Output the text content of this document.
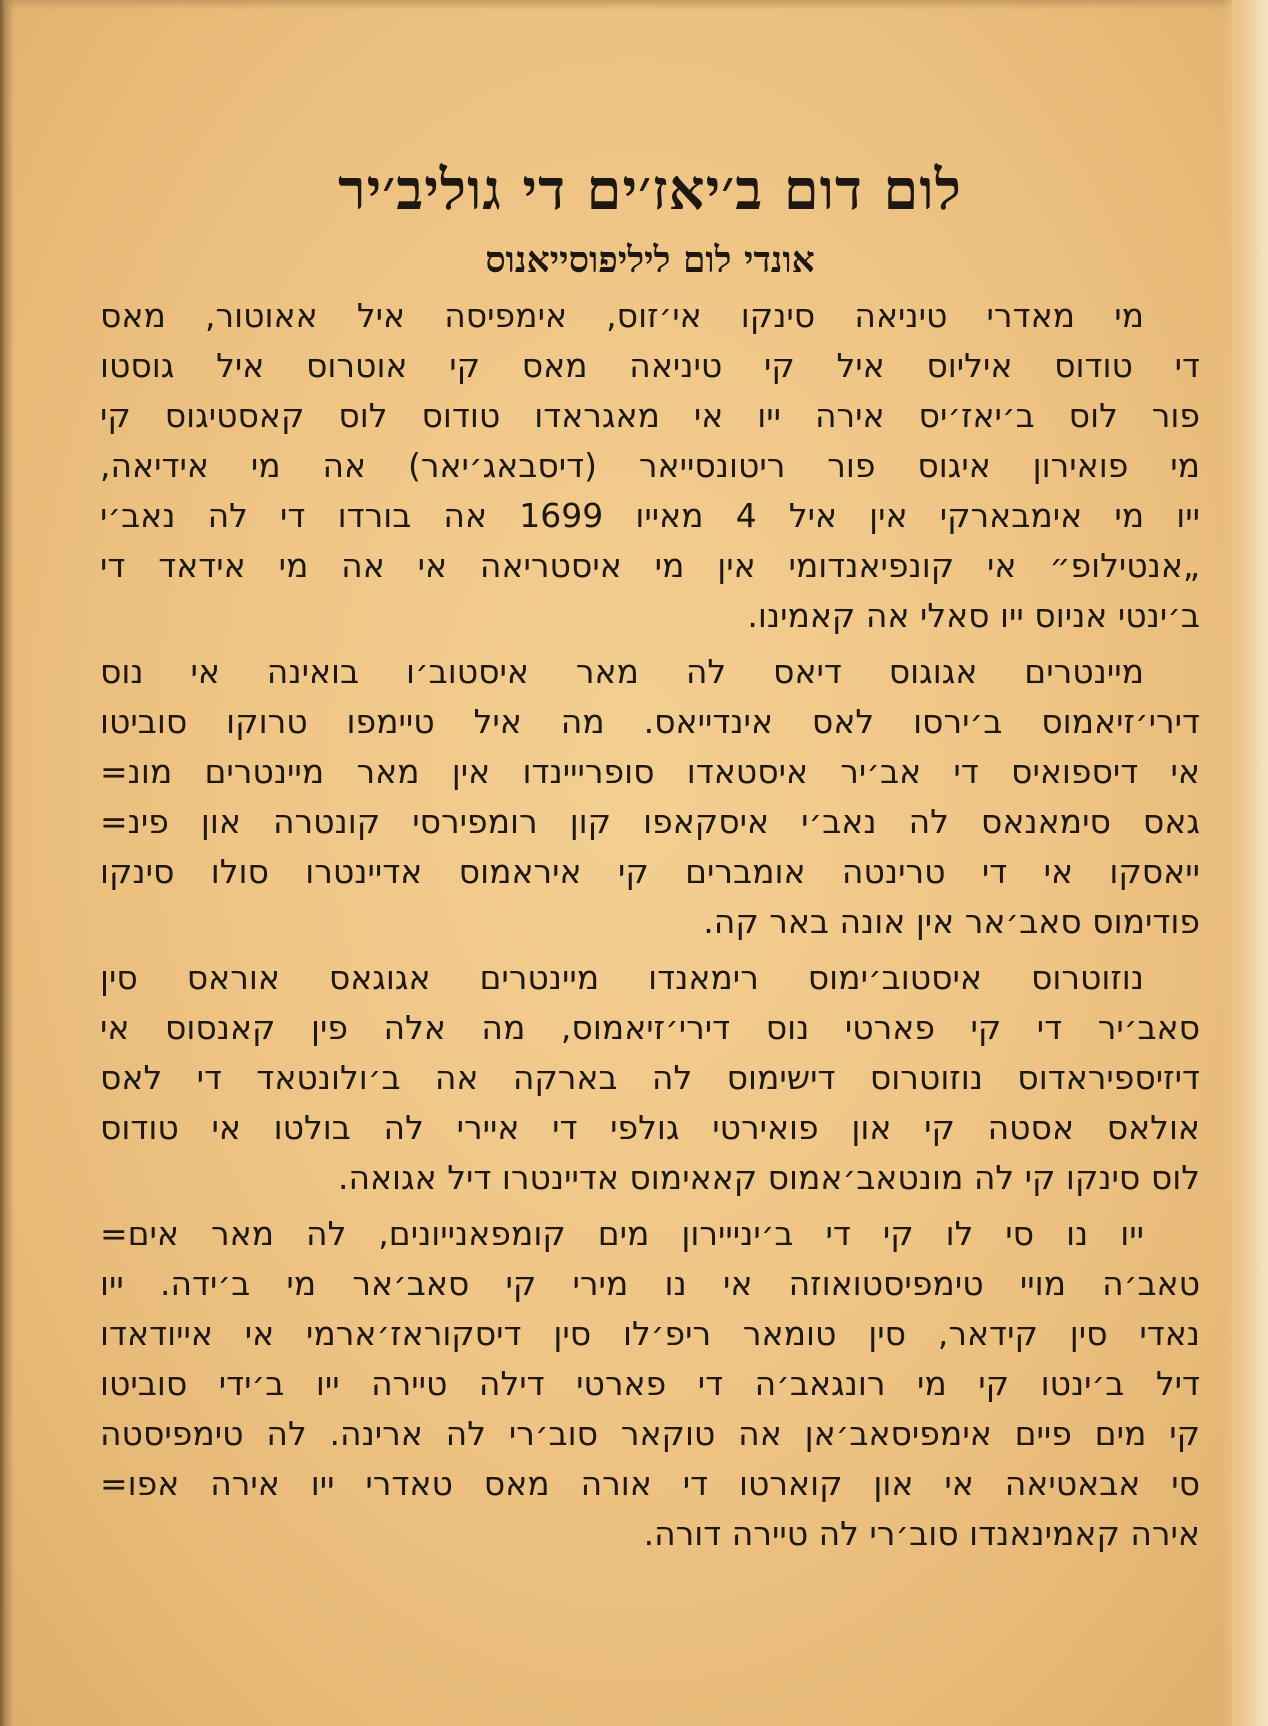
לום דום ב׳יאז׳ים די גוליב׳יר
אונדי לום ליליפוסייאנוס
מי מאדרי טיניאה סינקו אי׳זוס, אימפיסה איל אאוטור, מאס
די טודוס איליוס איל קי טיניאה מאס קי אוטרוס איל גוסטו
פור לוס ב׳יאז׳יס אירה ייו אי מאגראדו טודוס לוס קאסטיגוס קי
מי פואירון איגוס פור ריטונסייאר (דיסבאג׳יאר) אה מי אידיאה,
ייו מי אימבארקי אין איל 4 מאייו 1699 אה בורדו די לה נאב׳י
„אנטילופ״ אי קונפיאנדומי אין מי איסטריאה אי אה מי אידאד די
ב׳ינטי אניוס ייו סאלי אה קאמינו.
מיינטרים אגוגוס דיאס לה מאר איסטוב׳ו בואינה אי נוס
דירי׳זיאמוס ב׳ירסו לאס אינדייאס. מה איל טיימפו טרוקו סוביטו
אי דיספואיס די אב׳יר איסטאדו סופרייינדו אין מאר מיינטרים מונ=
גאס סימאנאס לה נאב׳י איסקאפו קון רומפירסי קונטרה און פינ=
ייאסקו אי די טרינטה אומברים קי איראמוס אדיינטרו סולו סינקו
פודימוס סאב׳אר אין אונה באר קה.
נוזוטרוס איסטוב׳ימוס רימאנדו מיינטרים אגוגאס אוראס סין
סאב׳יר די קי פארטי נוס דירי׳זיאמוס, מה אלה פין קאנסוס אי
דיזיספיראדוס נוזוטרוס דישימוס לה בארקה אה ב׳ולונטאד די לאס
אולאס אסטה קי און פואירטי גולפי די איירי לה בולטו אי טודוס
לוס סינקו קי לה מונטאב׳אמוס קאאימוס אדיינטרו דיל אגואה.
ייו נו סי לו קי די ב׳ינייירון מים קומפאנייונים, לה מאר אים=
טאב׳ה מויי טימפיסטואוזה אי נו מירי קי סאב׳אר מי ב׳ידה. ייו
נאדי סין קידאר, סין טומאר ריפ׳לו סין דיסקוראז׳ארמי אי אייודאדו
דיל ב׳ינטו קי מי רונגאב׳ה די פארטי דילה טיירה ייו ב׳ידי סוביטו
קי מים פיים אימפיסאב׳אן אה טוקאר סוב׳רי לה ארינה. לה טימפיסטה
סי אבאטיאה אי און קוארטו די אורה מאס טאדרי ייו אירה אפו=
אירה קאמינאנדו סוב׳רי לה טיירה דורה.
